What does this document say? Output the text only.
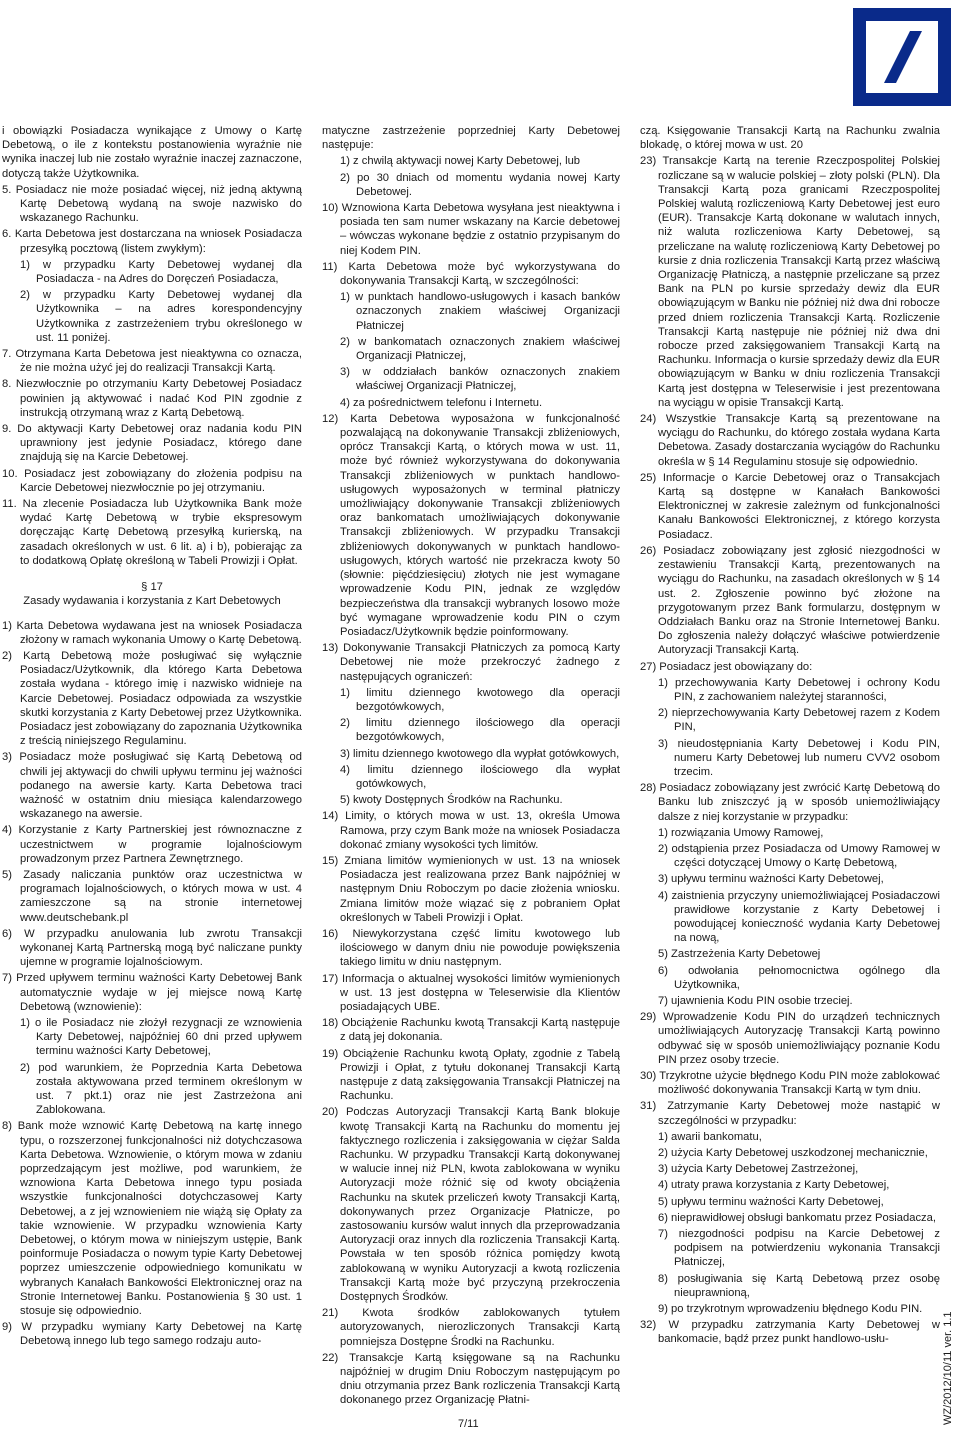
i obowiązki Posiadacza wynikające z Umowy o Kartę Debetową, o ile z kontekstu postanowienia wyraźnie nie wynika inaczej lub nie zostało wyraźnie inaczej zaznaczone, dotyczą także Użytkownika.

5. Posiadacz nie może posiadać więcej, niż jedną aktywną Kartę Debetową wydaną na swoje nazwisko do wskazanego Rachunku.

6. Karta Debetowa jest dostarczana na wniosek Posiadacza przesyłką pocztową (listem zwykłym):

1) w przypadku Karty Debetowej wydanej dla Posiadacza - na Adres do Doręczeń Posiadacza,

2) w przypadku Karty Debetowej wydanej dla Użytkownika – na adres korespondencyjny Użytkownika z zastrzeżeniem trybu określonego w ust. 11 poniżej.

7. Otrzymana Karta Debetowa jest nieaktywna co oznacza, że nie można użyć jej do realizacji Transakcji Kartą.

8. Niezwłocznie po otrzymaniu Karty Debetowej Posiadacz powinien ją aktywować i nadać Kod PIN zgodnie z instrukcją otrzymaną wraz z Kartą Debetową.

9. Do aktywacji Karty Debetowej oraz nadania kodu PIN uprawniony jest jedynie Posiadacz, którego dane znajdują się na Karcie Debetowej.

10. Posiadacz jest zobowiązany do złożenia podpisu na Karcie Debetowej niezwłocznie po jej otrzymaniu.

11. Na zlecenie Posiadacza lub Użytkownika Bank może wydać Kartę Debetową w trybie ekspresowym doręczając Kartę Debetową przesyłką kurierską, na zasadach określonych w ust. 6 lit. a) i b), pobierając za to dodatkową Opłatę określoną w Tabeli Prowizji i Opłat.

§ 17
Zasady wydawania i korzystania z Kart Debetowych

1) Karta Debetowa wydawana jest na wniosek Posiadacza złożony w ramach wykonania Umowy o Kartę Debetową.

2) Kartą Debetową może posługiwać się wyłącznie Posiadacz/Użytkownik, dla którego Karta Debetowa została wydana - którego imię i nazwisko widnieje na Karcie Debetowej. Posiadacz odpowiada za wszystkie skutki korzystania z Karty Debetowej przez Użytkownika. Posiadacz jest zobowiązany do zapoznania Użytkownika z treścią niniejszego Regulaminu.

3) Posiadacz może posługiwać się Kartą Debetową od chwili jej aktywacji do chwili upływu terminu jej ważności podanego na awersie karty. Karta Debetowa traci ważność w ostatnim dniu miesiąca kalendarzowego wskazanego na awersie.

4) Korzystanie z Karty Partnerskiej jest równoznaczne z uczestnictwem w programie lojalnościowym prowadzonym przez Partnera Zewnętrznego.

5) Zasady naliczania punktów oraz uczestnictwa w programach lojalnościowych, o których mowa w ust. 4 zamieszczone są na stronie internetowej www.deutschebank.pl

6) W przypadku anulowania lub zwrotu Transakcji wykonanej Kartą Partnerską mogą być naliczane punkty ujemne w programie lojalnościowym.

7) Przed upływem terminu ważności Karty Debetowej Bank automatycznie wydaje w jej miejsce nową Kartę Debetową (wznowienie):

1) o ile Posiadacz nie złożył rezygnacji ze wznowienia Karty Debetowej, najpóźniej 60 dni przed upływem terminu ważności Karty Debetowej,

2) pod warunkiem, że Poprzednia Karta Debetowa została aktywowana przed terminem określonym w ust. 7 pkt.1) oraz nie jest Zastrzeżona ani Zablokowana.

8) Bank może wznowić Kartę Debetową na kartę innego typu, o rozszerzonej funkcjonalności niż dotychczasowa Karta Debetowa. Wznowienie, o którym mowa w zdaniu poprzedzającym jest możliwe, pod warunkiem, że wznowiona Karta Debetowa innego typu posiada wszystkie funkcjonalności dotychczasowej Karty Debetowej, a z jej wznowieniem nie wiążą się Opłaty za takie wznowienie. W przypadku wznowienia Karty Debetowej, o którym mowa w niniejszym ustępie, Bank poinformuje Posiadacza o nowym typie Karty Debetowej poprzez umieszczenie odpowiedniego komunikatu w wybranych Kanałach Bankowości Elektronicznej oraz na Stronie Internetowej Banku. Postanowienia § 30 ust. 1 stosuje się odpowiednio.

9) W przypadku wymiany Karty Debetowej na Kartę Debetową innego lub tego samego rodzaju auto-

matyczne zastrzeżenie poprzedniej Karty Debetowej następuje:

1) z chwilą aktywacji nowej Karty Debetowej, lub

2) po 30 dniach od momentu wydania nowej Karty Debetowej.

10) Wznowiona Karta Debetowa wysyłana jest nieaktywna i posiada ten sam numer wskazany na Karcie debetowej – wówczas wykonane będzie z ostatnio przypisanym do niej Kodem PIN.

11) Karta Debetowa może być wykorzystywana do dokonywania Transakcji Kartą, w szczególności:

1) w punktach handlowo-usługowych i kasach banków oznaczonych znakiem właściwej Organizacji Płatniczej

2) w bankomatach oznaczonych znakiem właściwej Organizacji Płatniczej,

3) w oddziałach banków oznaczonych znakiem właściwej Organizacji Płatniczej,

4) za pośrednictwem telefonu i Internetu.

12) Karta Debetowa wyposażona w funkcjonalność pozwalającą na dokonywanie Transakcji zbliżeniowych, oprócz Transakcji Kartą, o których mowa w ust. 11, może być również wykorzystywana do dokonywania Transakcji zbliżeniowych w punktach handlowo-usługowych wyposażonych w terminal płatniczy umożliwiający dokonywanie Transakcji zbliżeniowych oraz bankomatach umożliwiających dokonywanie Transakcji zbliżeniowych. W przypadku Transakcji zbliżeniowych dokonywanych w punktach handlowo-usługowych, których wartość nie przekracza kwoty 50 (słownie: pięćdziesięciu) złotych nie jest wymagane wprowadzenie Kodu PIN, jednak ze względów bezpieczeństwa dla transakcji wybranych losowo może być wymagane wprowadzenie kodu PIN o czym Posiadacz/Użytkownik będzie poinformowany.

13) Dokonywanie Transakcji Płatniczych za pomocą Karty Debetowej nie może przekroczyć żadnego z następujących ograniczeń:

1) limitu dziennego kwotowego dla operacji bezgotówkowych,

2) limitu dziennego ilościowego dla operacji bezgotówkowych,

3) limitu dziennego kwotowego dla wypłat gotówkowych,

4) limitu dziennego ilościowego dla wypłat gotówkowych,

5) kwoty Dostępnych Środków na Rachunku.

14) Limity, o których mowa w ust. 13, określa Umowa Ramowa, przy czym Bank może na wniosek Posiadacza dokonać zmiany wysokości tych limitów.

15) Zmiana limitów wymienionych w ust. 13 na wniosek Posiadacza jest realizowana przez Bank najpóźniej w następnym Dniu Roboczym po dacie złożenia wniosku. Zmiana limitów może wiązać się z pobraniem Opłat określonych w Tabeli Prowizji i Opłat.

16) Niewykorzystana część limitu kwotowego lub ilościowego w danym dniu nie powoduje powiększenia takiego limitu w dniu następnym.

17) Informacja o aktualnej wysokości limitów wymienionych w ust. 13 jest dostępna w Teleserwisie dla Klientów posiadających UBE.

18) Obciążenie Rachunku kwotą Transakcji Kartą następuje z datą jej dokonania.

19) Obciążenie Rachunku kwotą Opłaty, zgodnie z Tabelą Prowizji i Opłat, z tytułu dokonanej Transakcji Kartą następuje z datą zaksięgowania Transakcji Płatniczej na Rachunku.

20) Podczas Autoryzacji Transakcji Kartą Bank blokuje kwotę Transakcji Kartą na Rachunku do momentu jej faktycznego rozliczenia i zaksięgowania w ciężar Salda Rachunku. W przypadku Transakcji Kartą dokonywanej w walucie innej niż PLN, kwota zablokowana w wyniku Autoryzacji może różnić się od kwoty obciążenia Rachunku na skutek przeliczeń kwoty Transakcji Kartą, dokonywanych przez Organizacje Płatnicze, po zastosowaniu kursów walut innych dla przeprowadzania Autoryzacji oraz innych dla rozliczenia Transakcji Kartą. Powstała w ten sposób różnica pomiędzy kwotą zablokowaną w wyniku Autoryzacji a kwotą rozliczenia Transakcji Kartą może być przyczyną przekroczenia Dostępnych Środków.

21) Kwota środków zablokowanych tytułem autoryzowanych, nierozliczonych Transakcji Kartą pomniejsza Dostępne Środki na Rachunku.

22) Transakcje Kartą księgowane są na Rachunku najpóźniej w drugim Dniu Roboczym następującym po dniu otrzymania przez Bank rozliczenia Transakcji Kartą dokonanego przez Organizację Płatni-

czą. Księgowanie Transakcji Kartą na Rachunku zwalnia blokadę, o której mowa w ust. 20

23) Transakcje Kartą na terenie Rzeczpospolitej Polskiej rozliczane są w walucie polskiej – złoty polski (PLN). Dla Transakcji Kartą poza granicami Rzeczpospolitej Polskiej walutą rozliczeniową Karty Debetowej jest euro (EUR). Transakcje Kartą dokonane w walutach innych, niż waluta rozliczeniowa Karty Debetowej, są przeliczane na walutę rozliczeniową Karty Debetowej po kursie z dnia rozliczenia Transakcji Kartą przez właściwą Organizację Płatniczą, a następnie przeliczane są przez Bank na PLN po kursie sprzedaży dewiz dla EUR obowiązującym w Banku nie później niż dwa dni robocze przed dniem rozliczenia Transakcji Kartą. Rozliczenie Transakcji Kartą następuje nie później niż dwa dni robocze przed zaksięgowaniem Transakcji Kartą na Rachunku. Informacja o kursie sprzedaży dewiz dla EUR obowiązującym w Banku w dniu rozliczenia Transakcji Kartą jest dostępna w Teleserwisie i jest prezentowana na wyciągu w opisie Transakcji Kartą.

24) Wszystkie Transakcje Kartą są prezentowane na wyciągu do Rachunku, do którego została wydana Karta Debetowa. Zasady dostarczania wyciągów do Rachunku określa w § 14 Regulaminu stosuje się odpowiednio.

25) Informacje o Karcie Debetowej oraz o Transakcjach Kartą są dostępne w Kanałach Bankowości Elektronicznej w zakresie zależnym od funkcjonalności Kanału Bankowości Elektronicznej, z którego korzysta Posiadacz.

26) Posiadacz zobowiązany jest zgłosić niezgodności w zestawieniu Transakcji Kartą, prezentowanych na wyciągu do Rachunku, na zasadach określonych w § 14 ust. 2. Zgłoszenie powinno być złożone na przygotowanym przez Bank formularzu, dostępnym w Oddziałach Banku oraz na Stronie Internetowej Banku. Do zgłoszenia należy dołączyć właściwe potwierdzenie Autoryzacji Transakcji Kartą.

27) Posiadacz jest obowiązany do:

1) przechowywania Karty Debetowej i ochrony Kodu PIN, z zachowaniem należytej staranności,

2) nieprzechowywania Karty Debetowej razem z Kodem PIN,

3) nieudostępniania Karty Debetowej i Kodu PIN, numeru Karty Debetowej lub numeru CVV2 osobom trzecim.

28) Posiadacz zobowiązany jest zwrócić Kartę Debetową do Banku lub zniszczyć ją w sposób uniemożliwiający dalsze z niej korzystanie w przypadku:

1) rozwiązania Umowy Ramowej,

2) odstąpienia przez Posiadacza od Umowy Ramowej w części dotyczącej Umowy o Kartę Debetową,

3) upływu terminu ważności Karty Debetowej,

4) zaistnienia przyczyny uniemożliwiającej Posiadaczowi prawidłowe korzystanie z Karty Debetowej i powodującej konieczność wydania Karty Debetowej na nową,

5) Zastrzeżenia Karty Debetowej

6) odwołania pełnomocnictwa ogólnego dla Użytkownika,

7) ujawnienia Kodu PIN osobie trzeciej.

29) Wprowadzenie Kodu PIN do urządzeń technicznych umożliwiających Autoryzację Transakcji Kartą powinno odbywać się w sposób uniemożliwiający poznanie Kodu PIN przez osoby trzecie.

30) Trzykrotne użycie błędnego Kodu PIN może zablokować możliwość dokonywania Transakcji Kartą w tym dniu.

31) Zatrzymanie Karty Debetowej może nastąpić w szczególności w przypadku:

1) awarii bankomatu,

2) użycia Karty Debetowej uszkodzonej mechanicznie,

3) użycia Karty Debetowej Zastrzeżonej,

4) utraty prawa korzystania z Karty Debetowej,

5) upływu terminu ważności Karty Debetowej,

6) nieprawidłowej obsługi bankomatu przez Posiadacza,

7) niezgodności podpisu na Karcie Debetowej z podpisem na potwierdzeniu wykonania Transakcji Płatniczej,

8) posługiwania się Kartą Debetową przez osobę nieuprawnioną,

9) po trzykrotnym wprowadzeniu błędnego Kodu PIN.

32) W przypadku zatrzymania Karty Debetowej w bankomacie, bądź przez punkt handlowo-usłu-

7/11	WZ/2012/10/11 ver. 1.1
